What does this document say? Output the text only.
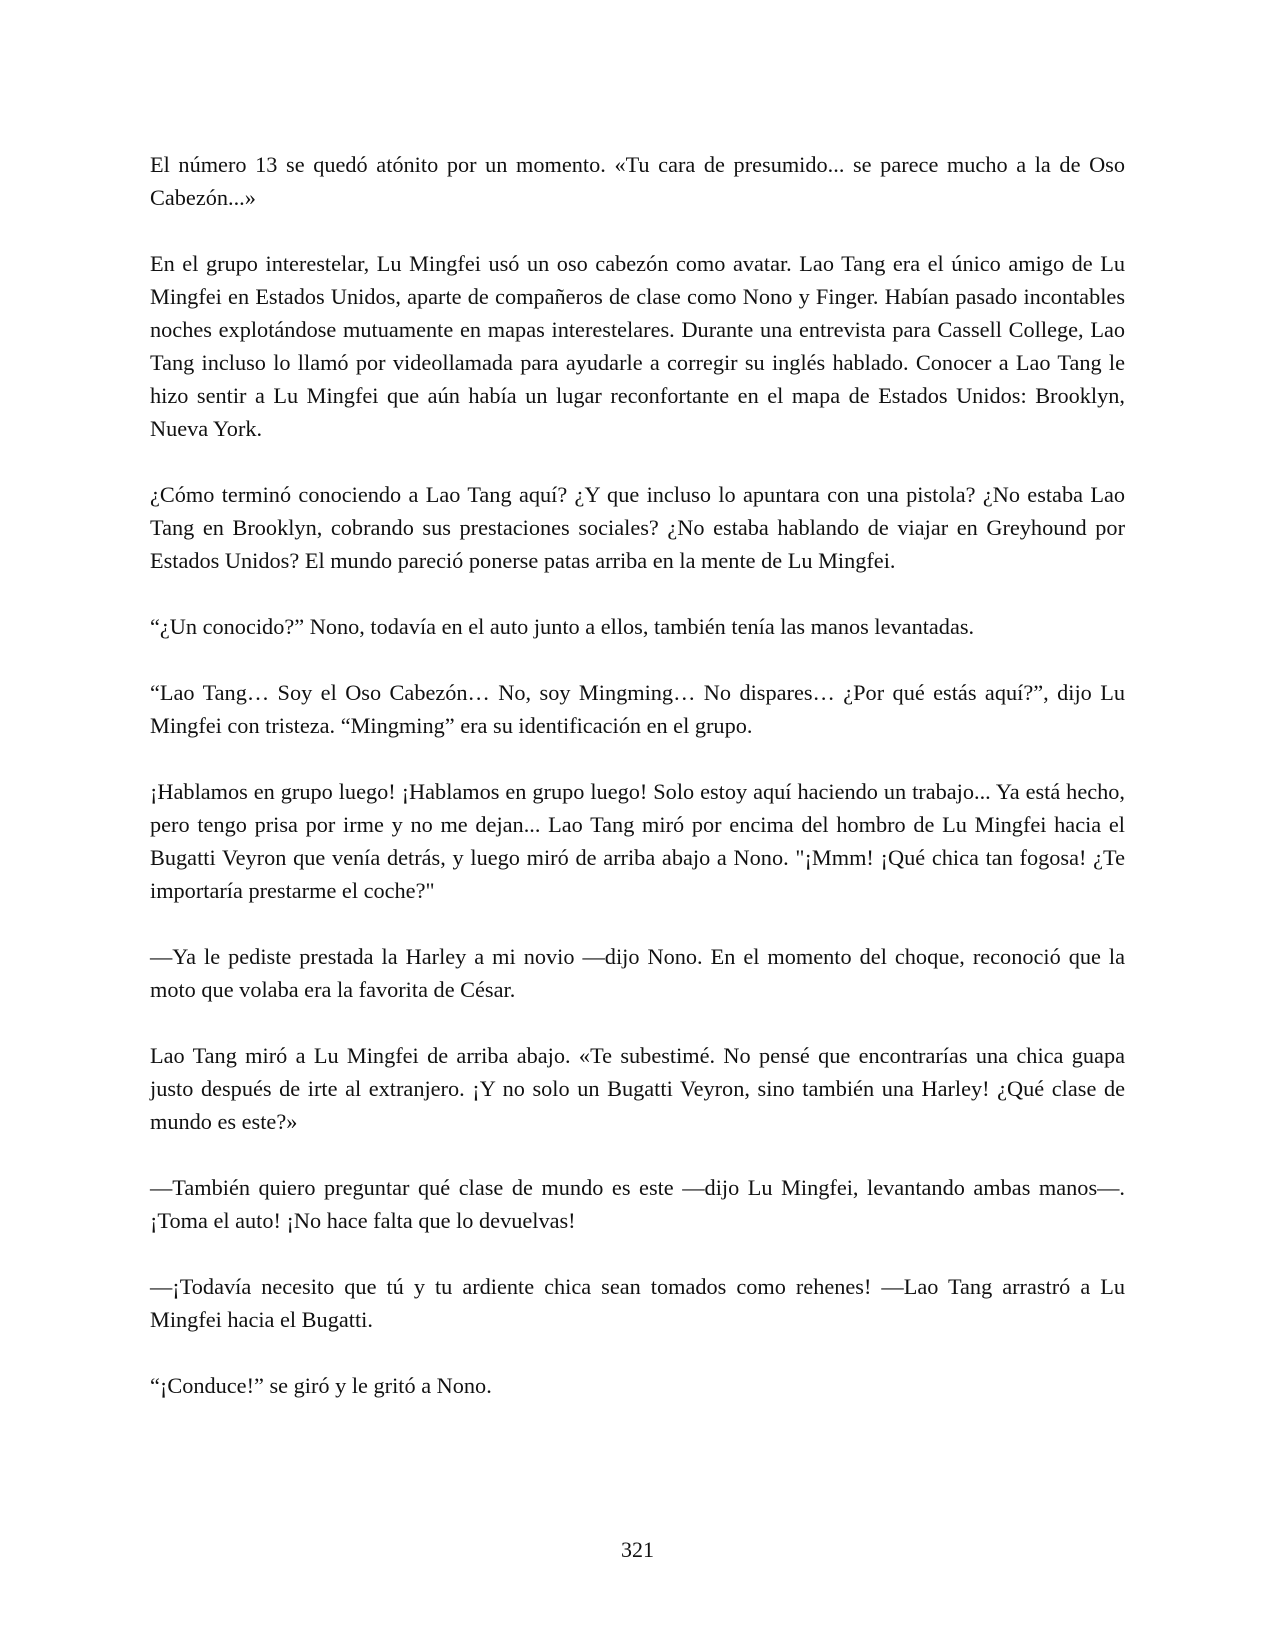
El número 13 se quedó atónito por un momento. «Tu cara de presumido... se parece mucho a la de Oso Cabezón...»

En el grupo interestelar, Lu Mingfei usó un oso cabezón como avatar. Lao Tang era el único amigo de Lu Mingfei en Estados Unidos, aparte de compañeros de clase como Nono y Finger. Habían pasado incontables noches explotándose mutuamente en mapas interestelares. Durante una entrevista para Cassell College, Lao Tang incluso lo llamó por videollamada para ayudarle a corregir su inglés hablado. Conocer a Lao Tang le hizo sentir a Lu Mingfei que aún había un lugar reconfortante en el mapa de Estados Unidos: Brooklyn, Nueva York.

¿Cómo terminó conociendo a Lao Tang aquí? ¿Y que incluso lo apuntara con una pistola? ¿No estaba Lao Tang en Brooklyn, cobrando sus prestaciones sociales? ¿No estaba hablando de viajar en Greyhound por Estados Unidos? El mundo pareció ponerse patas arriba en la mente de Lu Mingfei.

“¿Un conocido?” Nono, todavía en el auto junto a ellos, también tenía las manos levantadas.

“Lao Tang… Soy el Oso Cabezón… No, soy Mingming… No dispares… ¿Por qué estás aquí?”, dijo Lu Mingfei con tristeza. “Mingming” era su identificación en el grupo.

¡Hablamos en grupo luego! ¡Hablamos en grupo luego! Solo estoy aquí haciendo un trabajo... Ya está hecho, pero tengo prisa por irme y no me dejan... Lao Tang miró por encima del hombro de Lu Mingfei hacia el Bugatti Veyron que venía detrás, y luego miró de arriba abajo a Nono. "¡Mmm! ¡Qué chica tan fogosa! ¿Te importaría prestarme el coche?"

—Ya le pediste prestada la Harley a mi novio —dijo Nono. En el momento del choque, reconoció que la moto que volaba era la favorita de César.

Lao Tang miró a Lu Mingfei de arriba abajo. «Te subestimé. No pensé que encontrarías una chica guapa justo después de irte al extranjero. ¡Y no solo un Bugatti Veyron, sino también una Harley! ¿Qué clase de mundo es este?»

—También quiero preguntar qué clase de mundo es este —dijo Lu Mingfei, levantando ambas manos—. ¡Toma el auto! ¡No hace falta que lo devuelvas!

—¡Todavía necesito que tú y tu ardiente chica sean tomados como rehenes! —Lao Tang arrastró a Lu Mingfei hacia el Bugatti.

“¡Conduce!” se giró y le gritó a Nono.

321
